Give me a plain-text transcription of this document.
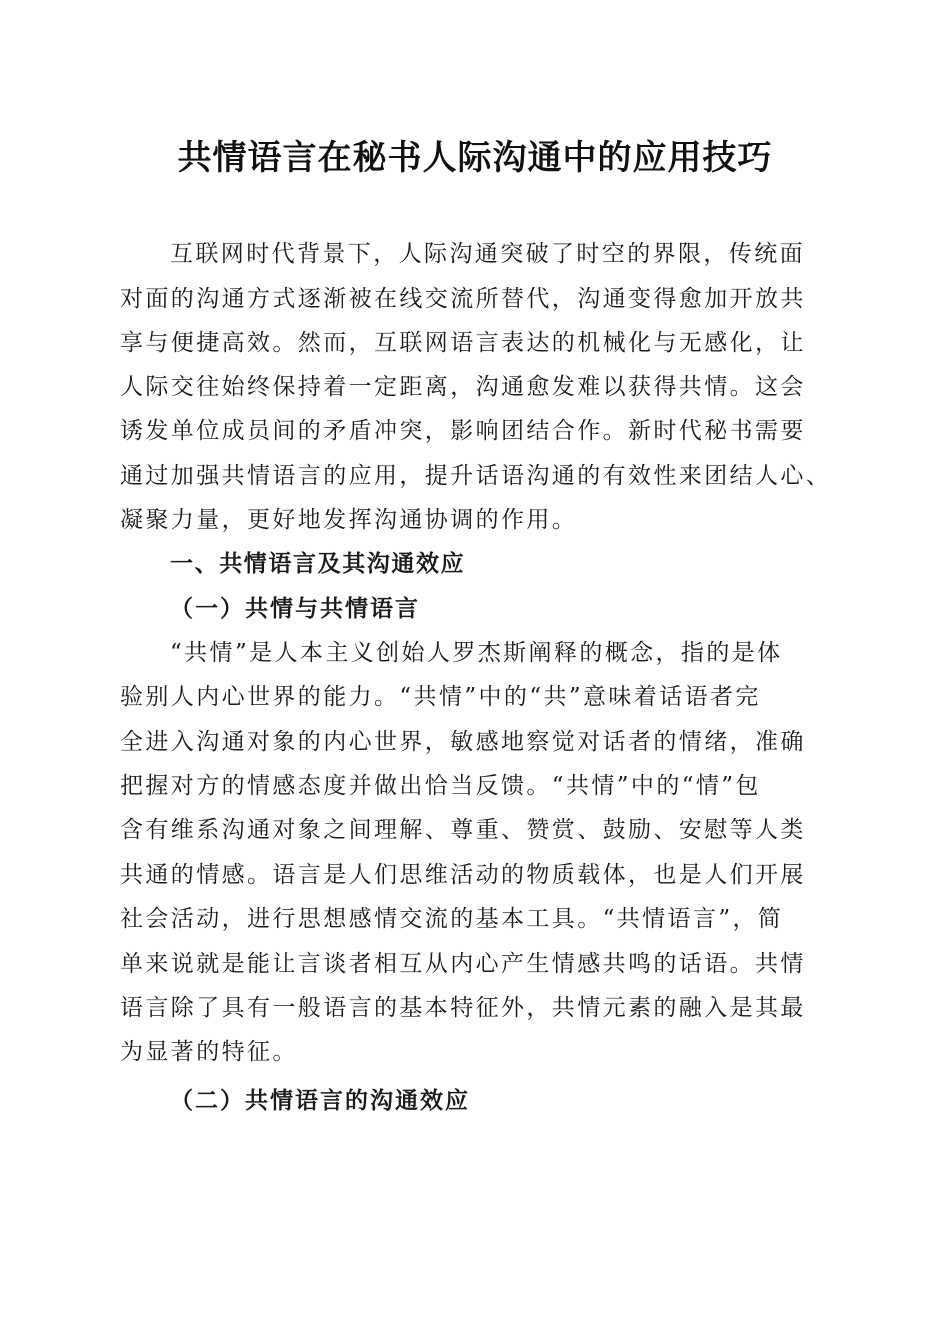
共情语言在秘书人际沟通中的应用技巧
互联网时代背景下，人际沟通突破了时空的界限，传统面
对面的沟通方式逐渐被在线交流所替代，沟通变得愈加开放共
享与便捷高效。然而，互联网语言表达的机械化与无感化，让
人际交往始终保持着一定距离，沟通愈发难以获得共情。这会
诱发单位成员间的矛盾冲突，影响团结合作。新时代秘书需要
通过加强共情语言的应用，提升话语沟通的有效性来团结人心、
凝聚力量，更好地发挥沟通协调的作用。
一、共情语言及其沟通效应
（一）共情与共情语言
“共情”是人本主义创始人罗杰斯阐释的概念，指的是体
验别人内心世界的能力。“共情”中的“共”意味着话语者完
全进入沟通对象的内心世界，敏感地察觉对话者的情绪，准确
把握对方的情感态度并做出恰当反馈。“共情”中的“情”包
含有维系沟通对象之间理解、尊重、赞赏、鼓励、安慰等人类
共通的情感。语言是人们思维活动的物质载体，也是人们开展
社会活动，进行思想感情交流的基本工具。“共情语言”，简
单来说就是能让言谈者相互从内心产生情感共鸣的话语。共情
语言除了具有一般语言的基本特征外，共情元素的融入是其最
为显著的特征。
（二）共情语言的沟通效应
